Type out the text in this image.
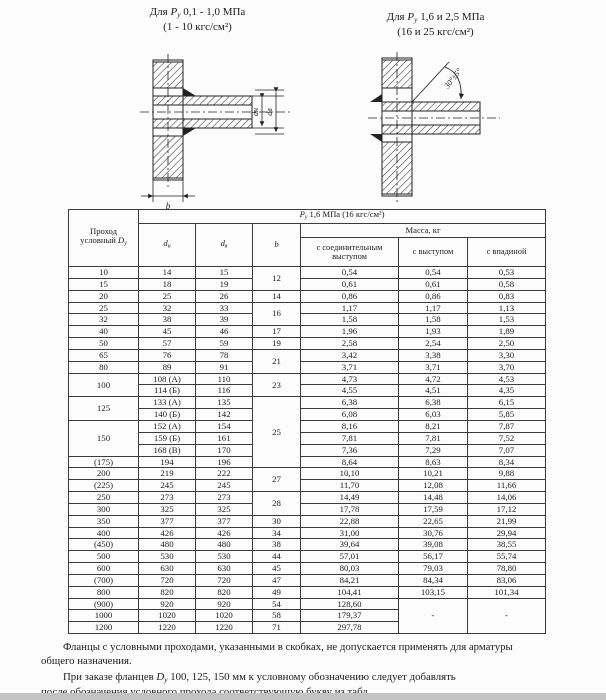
Для $P_у$ 0,1 - 1,0 МПа
(1 - 10 кгс/см²)
Для $P_у$ 1,6 и 2,5 МПа
(16 и 25 кгс/см²)
dн dв
b
30°±5°
Проход
условный $D_у$	$P_у$ 1,6 МПа (16 кгс/см²)					
	$d_н$	$d_в$	b	Масса, кг		
				с соединительным выступом	с выступом	с впадиной
10	14	15	12	0,54	0,54	0,53
15	18	19		0,61	0,61	0,58
20	25	26	14	0,86	0,86	0,83
25	32	33	16	1,17	1,17	1,13
32	38	39		1,58	1,58	1,53
40	45	46	17	1,96	1,93	1,89
50	57	59	19	2,58	2,54	2,50
65	76	78	21	3,42	3,38	3,30
80	89	91		3,71	3,71	3,70
100	108 (А)	110	23	4,73	4,72	4,53
	114 (Б)	116		4,55	4,51	4,35
125	133 (А)	135	25	6,38	6,38	6,15
	140 (Б)	142		6,08	6,03	5,85
150	152 (А)	154		8,16	8,21	7,87
	159 (Б)	161		7,81	7,81	7,52
	168 (В)	170		7,36	7,29	7,07
(175)	194	196		8,64	8,63	8,34
200	219	222	27	10,10	10,21	9,88
(225)	245	245		11,70	12,08	11,66
250	273	273	28	14,49	14,48	14,06
300	325	325		17,78	17,59	17,12
350	377	377	30	22,88	22,65	21,99
400	426	426	34	31,00	30,76	29,94
(450)	480	480	38	39,64	39,08	38,55
500	530	530	44	57,01	56,17	55,74
600	630	630	45	80,03	79,03	78,80
(700)	720	720	47	84,21	84,34	83,06
800	820	820	49	104,41	103,15	101,34
(900)	920	920	54	128,60	-	-
1000	1020	1020	58	179,37		
1200	1220	1220	71	297,78		
Фланцы с условными проходами, указанными в скобках, не допускается применять для арматуры
общего назначения.
При заказе фланцев $D_у$ 100, 125, 150 мм к условному обозначению следует добавлять
